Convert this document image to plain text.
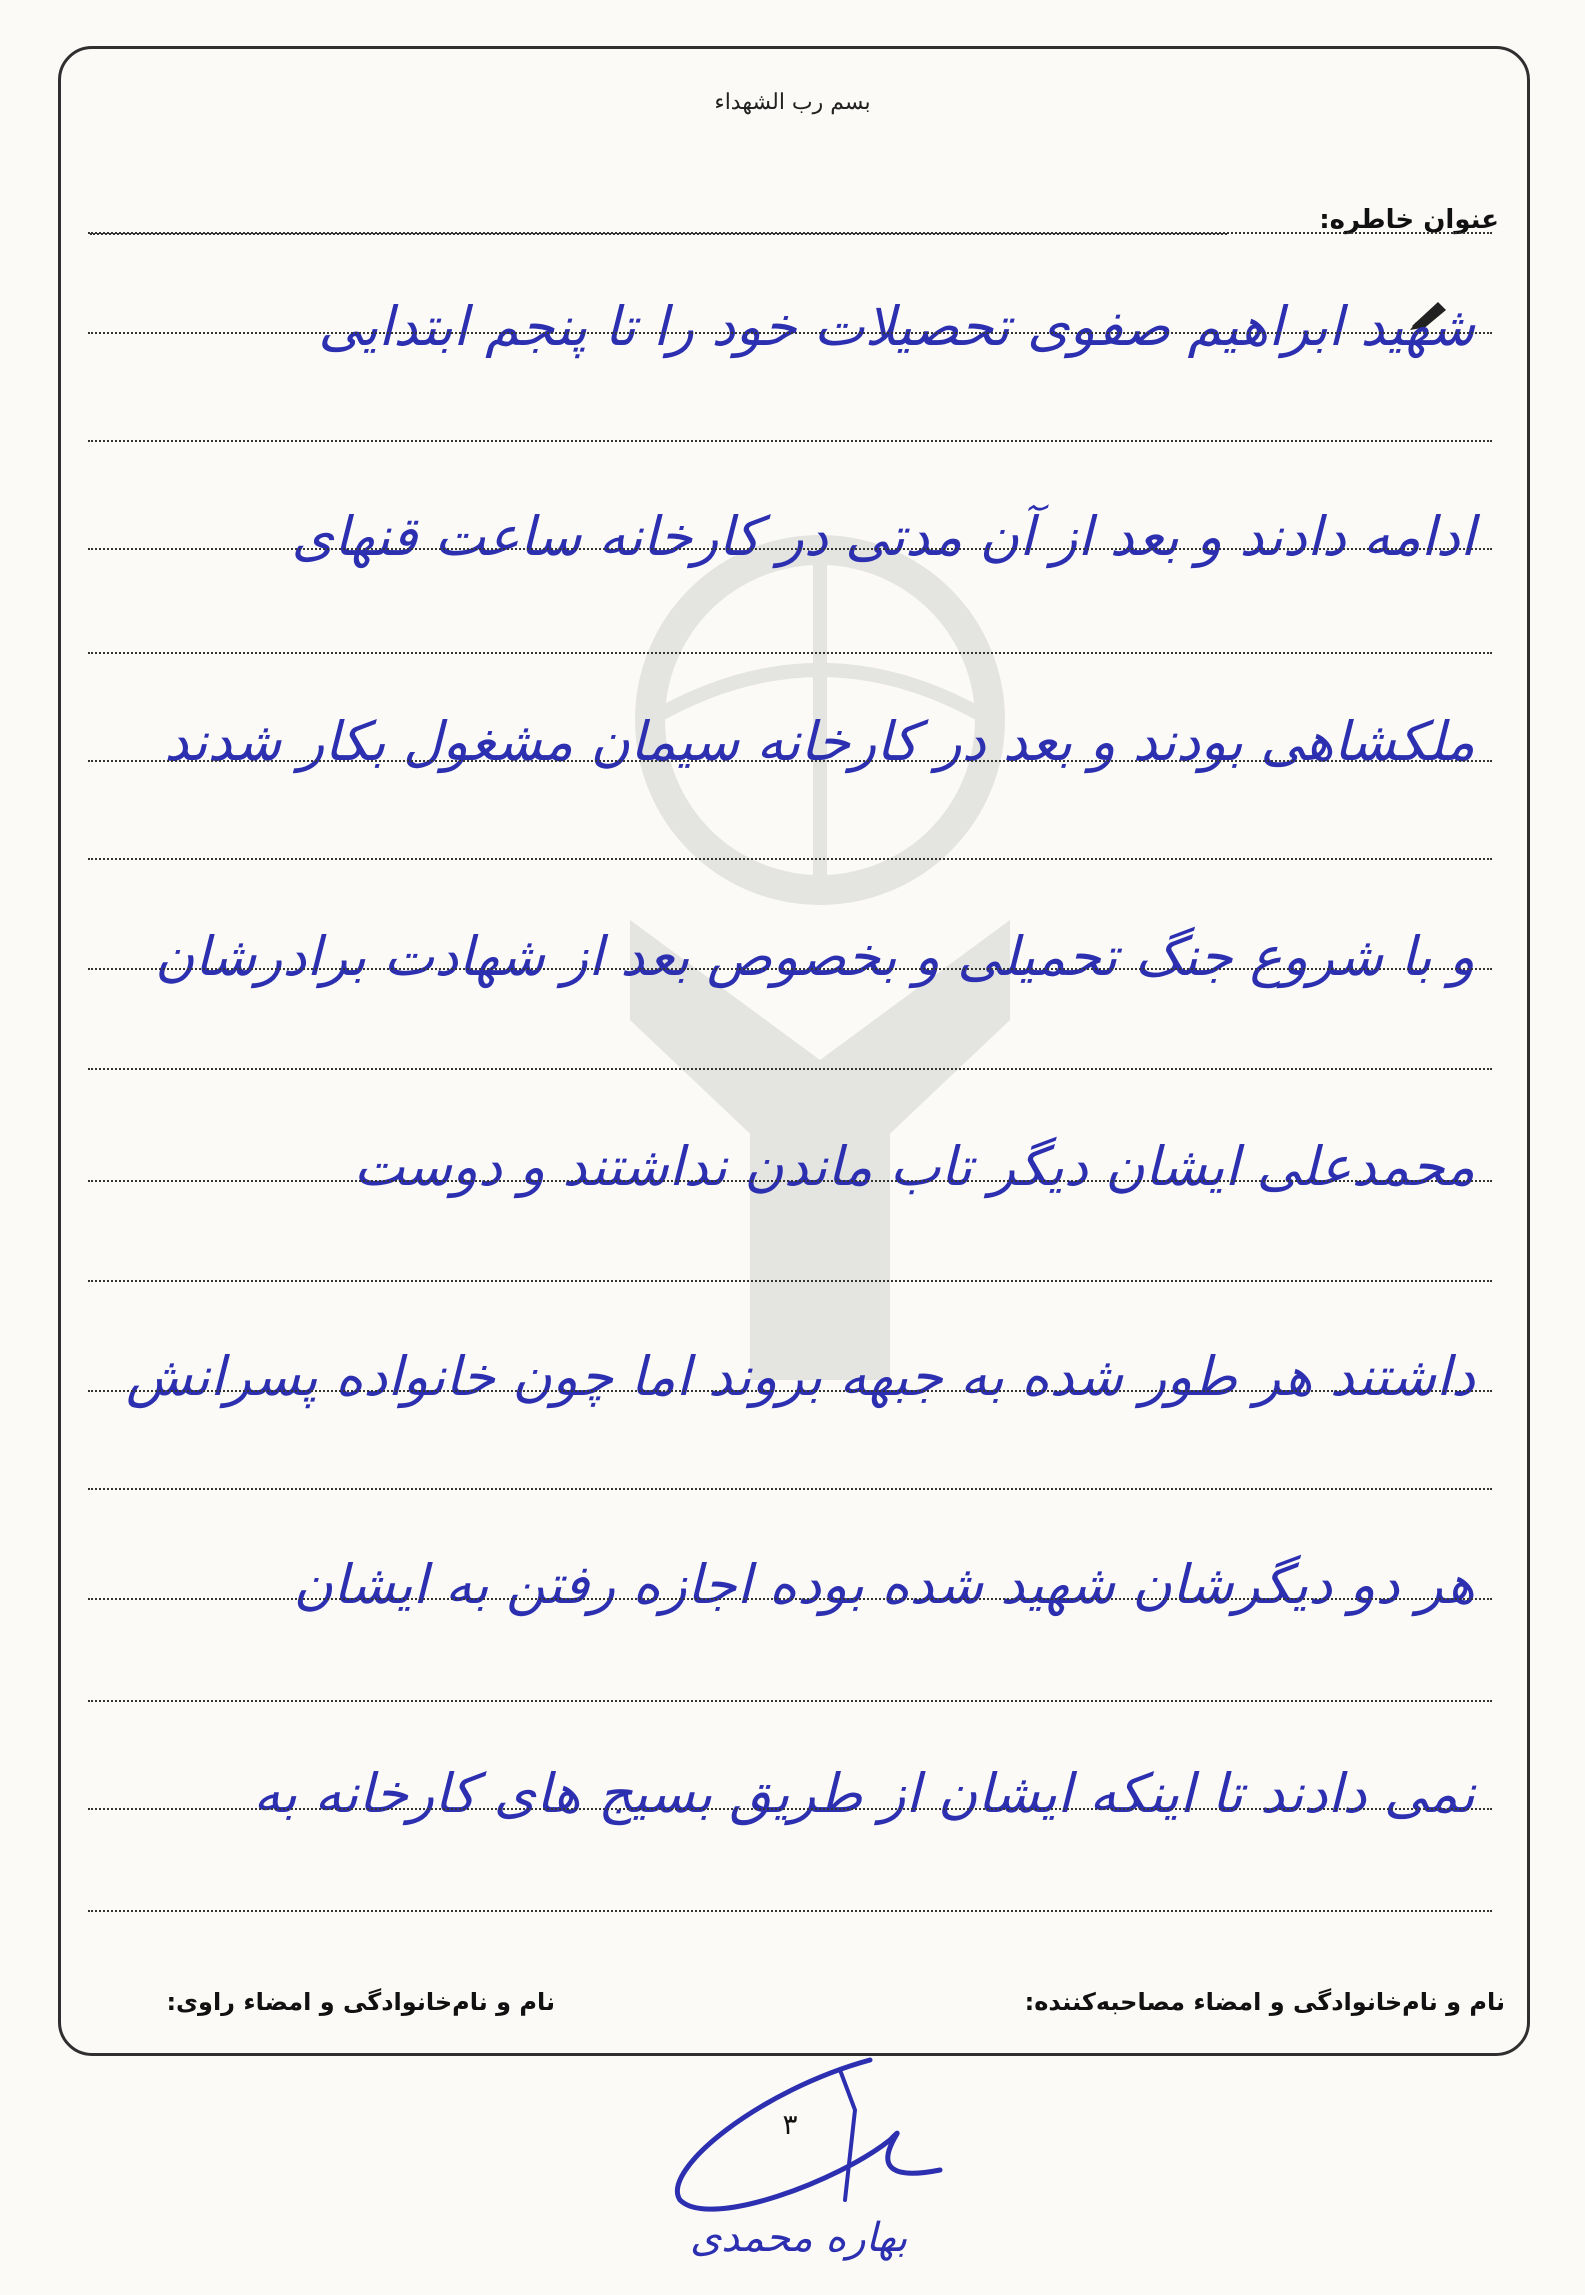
بسم رب الشهداء
عنوان خاطره:
شهید ابراهیم صفوی تحصیلات خود را تا پنجم ابتدایی
ادامه دادند و بعد از آن مدتی در کارخانه ساعت قنهای
ملکشاهی بودند و بعد در کارخانه سیمان مشغول بکار شدند
و با شروع جنگ تحمیلی و بخصوص بعد از شهادت برادرشان
محمدعلی ایشان دیگر تاب ماندن نداشتند و دوست
داشتند هر طور شده به جبهه بروند اما چون خانواده پسرانش
هر دو دیگرشان شهید شده بوده اجازه رفتن به ایشان
نمی دادند تا اینکه ایشان از طریق بسیج های کارخانه به
نام و نام‌خانوادگی و امضاء راوی:	نام و نام‌خانوادگی و امضاء مصاحبه‌کننده:
۳
بهاره محمدی
